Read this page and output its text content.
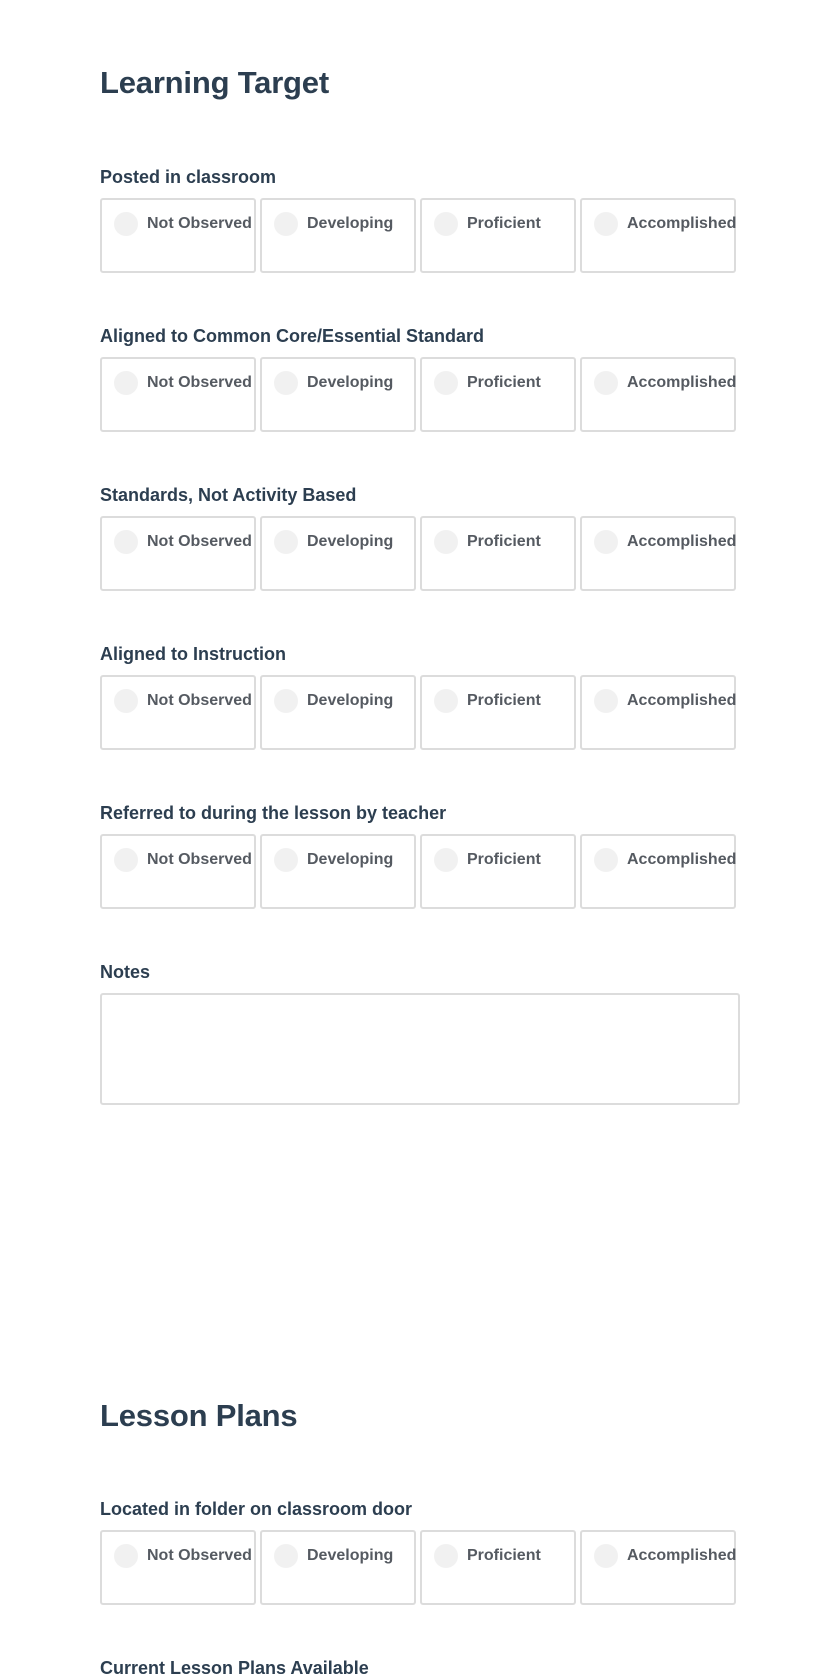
Learning Target
Posted in classroom
Not Observed	Developing	Proficient	Accomplished
Aligned to Common Core/Essential Standard
Not Observed	Developing	Proficient	Accomplished
Standards, Not Activity Based
Not Observed	Developing	Proficient	Accomplished
Aligned to Instruction
Not Observed	Developing	Proficient	Accomplished
Referred to during the lesson by teacher
Not Observed	Developing	Proficient	Accomplished
Notes
Lesson Plans
Located in folder on classroom door
Not Observed	Developing	Proficient	Accomplished
Current Lesson Plans Available
